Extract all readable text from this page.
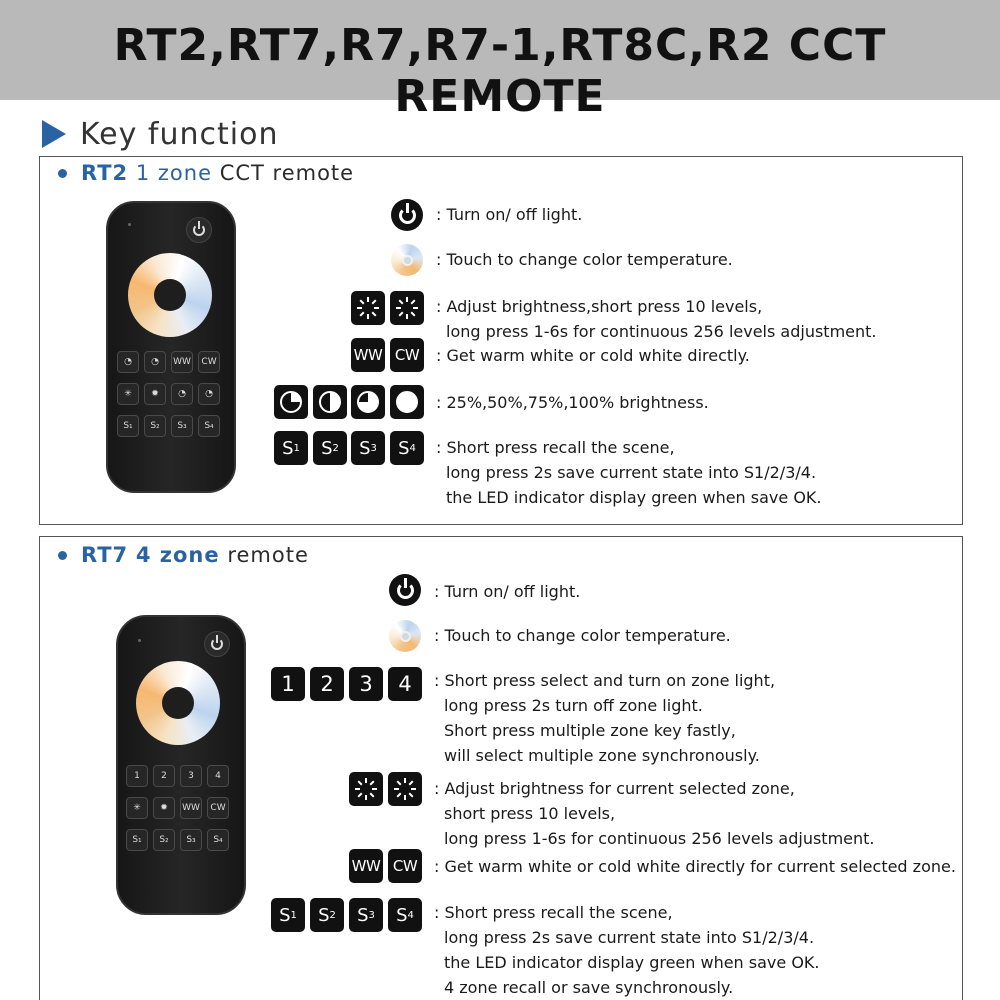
RT2,RT7,R7,R7-1,RT8C,R2 CCT REMOTE
Key function
RT2
1 zone
CCT remote
◔	◔	WW	CW
✳	✹	◔	◔
S₁	S₂	S₃	S₄
WW CW
S 1 S 2 S 3 S 4
: Turn on/ off light.
: Touch to change color temperature.
: Adjust brightness,short press 10 levels,
long press 1-6s for continuous 256 levels adjustment.
: Get warm white or cold white directly.
: 25%,50%,75%,100% brightness.
: Short press recall the scene,
long press 2s save current state into S1/2/3/4.
the LED indicator display green when save OK.
RT7
4 zone
remote
1	2	3	4
✳	✹	WW	CW
S₁	S₂	S₃	S₄
1	2	3	4
WW CW
S 1 S 2 S 3 S 4
: Turn on/ off light.
: Touch to change color temperature.
: Short press select and turn on zone light,
long press 2s turn off zone light.
Short press multiple zone key fastly,
will select multiple zone synchronously.
: Adjust brightness for current selected zone,
short press 10 levels,
long press 1-6s for continuous 256 levels adjustment.
: Get warm white or cold white directly for current selected zone.
: Short press recall the scene,
long press 2s save current state into S1/2/3/4.
the LED indicator display green when save OK.
4 zone recall or save synchronously.
